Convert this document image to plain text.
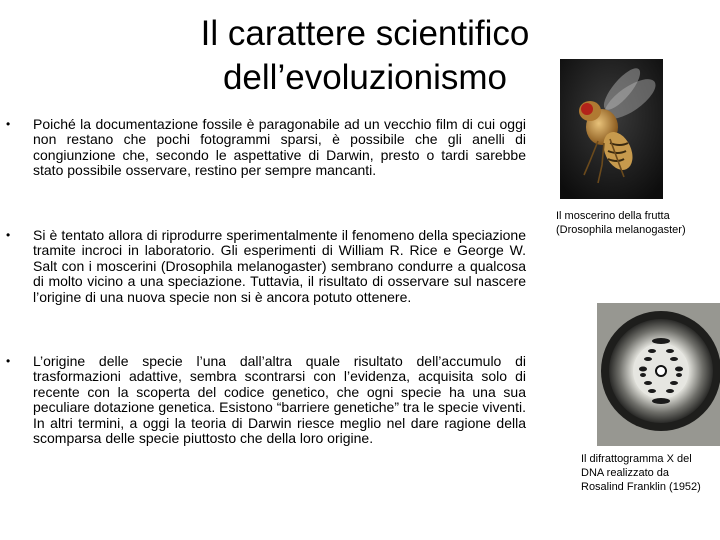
Il carattere scientifico
dell’evoluzionismo
• Poiché la documentazione fossile è paragonabile ad un vecchio film di cui oggi non restano che pochi fotogrammi sparsi, è possibile che gli anelli di congiunzione che, secondo le aspettative di Darwin, presto o tardi sarebbe stato possibile osservare, restino per sempre mancanti.
• Si è tentato allora di riprodurre sperimentalmente il fenomeno della speciazione tramite incroci in laboratorio. Gli esperimenti di William R. Rice e George W. Salt con i moscerini (Drosophila melanogaster) sembrano condurre a qualcosa di molto vicino a una speciazione. Tuttavia, il risultato di osservare sul nascere l’origine di una nuova specie non si è ancora potuto ottenere.
• L’origine delle specie l’una dall’altra quale risultato dell’accumulo di trasformazioni adattive, sembra scontrarsi con l’evidenza, acquisita solo di recente con la scoperta del codice genetico, che ogni specie ha una sua peculiare dotazione genetica. Esistono “barriere genetiche” tra le specie viventi. In altri termini, a oggi la teoria di Darwin riesce meglio nel dare ragione della scomparsa delle specie piuttosto che della loro origine.
Il moscerino della frutta
(Drosophila melanogaster)
Il difrattogramma X del
DNA realizzato da
Rosalind Franklin (1952)
